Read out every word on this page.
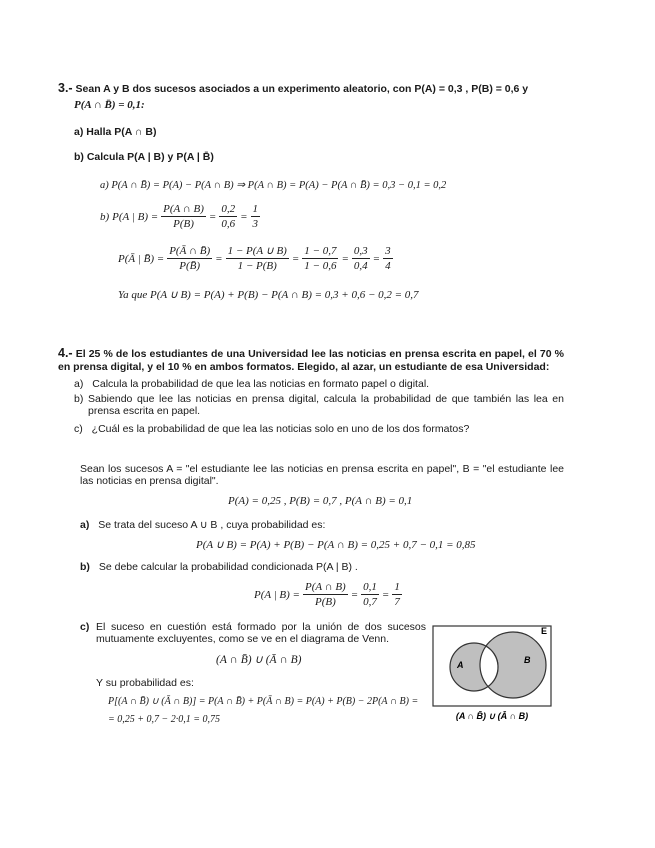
3.- Sean A y B dos sucesos asociados a un experimento aleatorio, con P(A) = 0,3 , P(B) = 0,6 y
P(A ∩ B̄) = 0,1:
a) Halla P(A ∩ B)
b) Calcula P(A | B) y P(A | B̄)
a) P(A ∩ B̄) = P(A) − P(A ∩ B) ⇒ P(A ∩ B) = P(A) − P(A ∩ B̄) = 0,3 − 0,1 = 0,2
b) P(A | $B) = \frac{P(A \cap B)}{P(B)} = \frac{0,2}{0,6} = \frac{1}{3}$
P(Ā | B̄) = $\frac{P(Ā \cap B̄)}{P(B̄)} = \frac{1 - P(A \cup B)}{1 - P(B)} = \frac{1 - 0,7}{1 - 0,6} = \frac{0,3}{0,4} = \frac{3}{4}$
Ya que P(A ∪ B) = P(A) + P(B) − P(A ∩ B) = 0,3 + 0,6 − 0,2 = 0,7
4.- El 25 % de los estudiantes de una Universidad lee las noticias en prensa escrita en papel, el 70 % en prensa digital, y el 10 % en ambos formatos. Elegido, al azar, un estudiante de esa Universidad:
a) Calcula la probabilidad de que lea las noticias en formato papel o digital.
b) Sabiendo que lee las noticias en prensa digital, calcula la probabilidad de que también las lea en prensa escrita en papel.
c) ¿Cuál es la probabilidad de que lea las noticias solo en uno de los dos formatos?
Sean los sucesos A = "el estudiante lee las noticias en prensa escrita en papel", B = "el estudiante lee las noticias en prensa digital".
P(A) = 0,25 , P(B) = 0,7 , P(A ∩ B) = 0,1
a) Se trata del suceso A ∪ B , cuya probabilidad es:
P(A ∪ B) = P(A) + P(B) − P(A ∩ B) = 0,25 + 0,7 − 0,1 = 0,85
b) Se debe calcular la probabilidad condicionada P(A | B) .
P(A | $B) = \frac{P(A \cap B)}{P(B)} = \frac{0,1}{0,7} = \frac{1}{7}$
c) El suceso en cuestión está formado por la unión de dos sucesos mutuamente excluyentes, como se ve en el diagrama de Venn.
(A ∩ B̄) ∪ (Ā ∩ B)
Y su probabilidad es:
P[(A ∩ B̄) ∪ (Ā ∩ B)] = P(A ∩ B̄) + P(Ā ∩ B) = P(A) + P(B) − 2P(A ∩ B) =
= 0,25 + 0,7 − 2·0,1 = 0,75
E
A	B
(A ∩ B̄) ∪ (Ā ∩ B)
